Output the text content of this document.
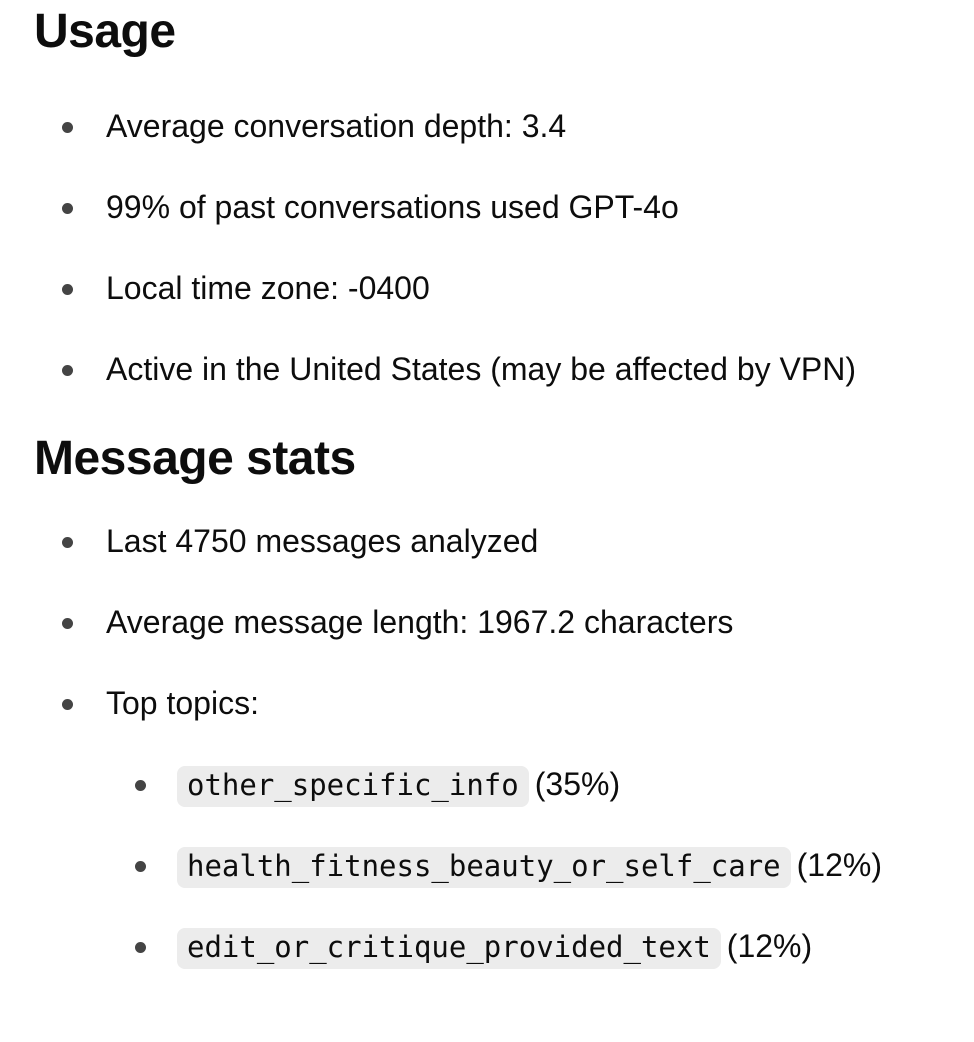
Usage
Average conversation depth: 3.4
99% of past conversations used GPT-4o
Local time zone: -0400
Active in the United States (may be affected by VPN)
Message stats
Last 4750 messages analyzed
Average message length: 1967.2 characters
Top topics:
other_specific_info (35%)
health_fitness_beauty_or_self_care (12%)
edit_or_critique_provided_text (12%)
